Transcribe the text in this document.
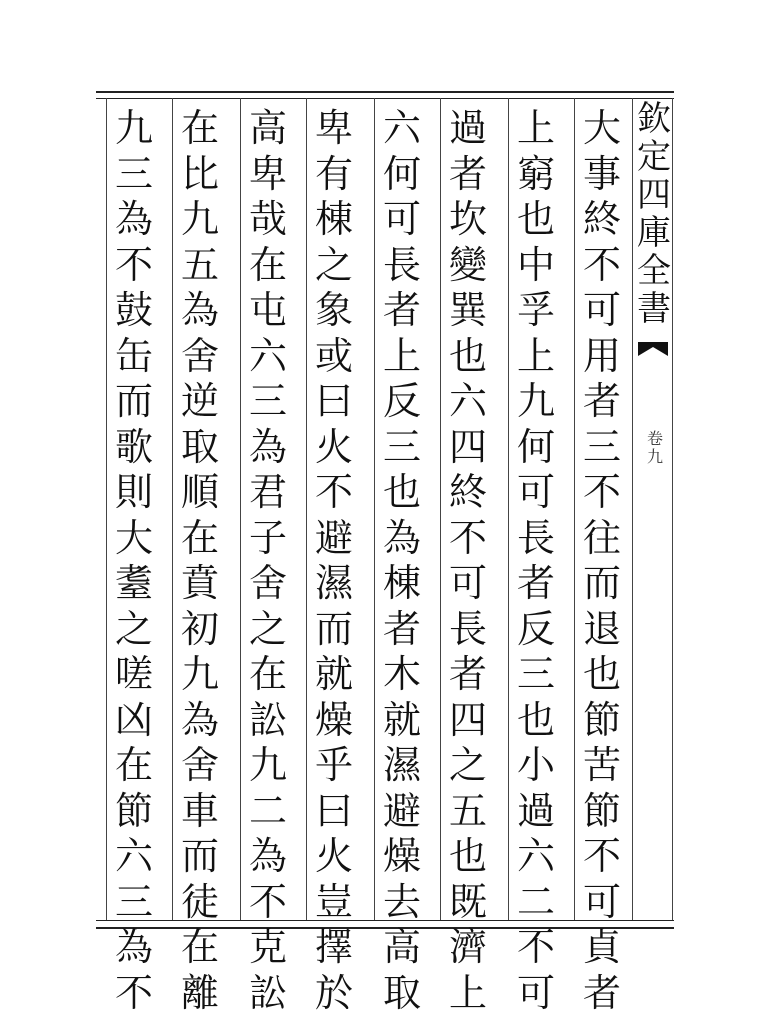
欽
定
四
庫
全
書
卷
九
大
事
終
不
可
用
者
三
不
往
而
退
也
節
苦
節
不
可
貞
者
上
窮
也
中
孚
上
九
何
可
長
者
反
三
也
小
過
六
二
不
可
過
者
坎
變
巽
也
六
四
終
不
可
長
者
四
之
五
也
既
濟
上
六
何
可
長
者
上
反
三
也
為
棟
者
木
就
濕
避
燥
去
高
取
卑
有
棟
之
象
或
曰
火
不
避
濕
而
就
燥
乎
曰
火
豈
擇
於
高
卑
哉
在
屯
六
三
為
君
子
舍
之
在
訟
九
二
為
不
克
訟
在
比
九
五
為
舍
逆
取
順
在
賁
初
九
為
舍
車
而
徒
在
離
九
三
為
不
鼓
缶
而
歌
則
大
耋
之
嗟
凶
在
節
六
三
為
不
